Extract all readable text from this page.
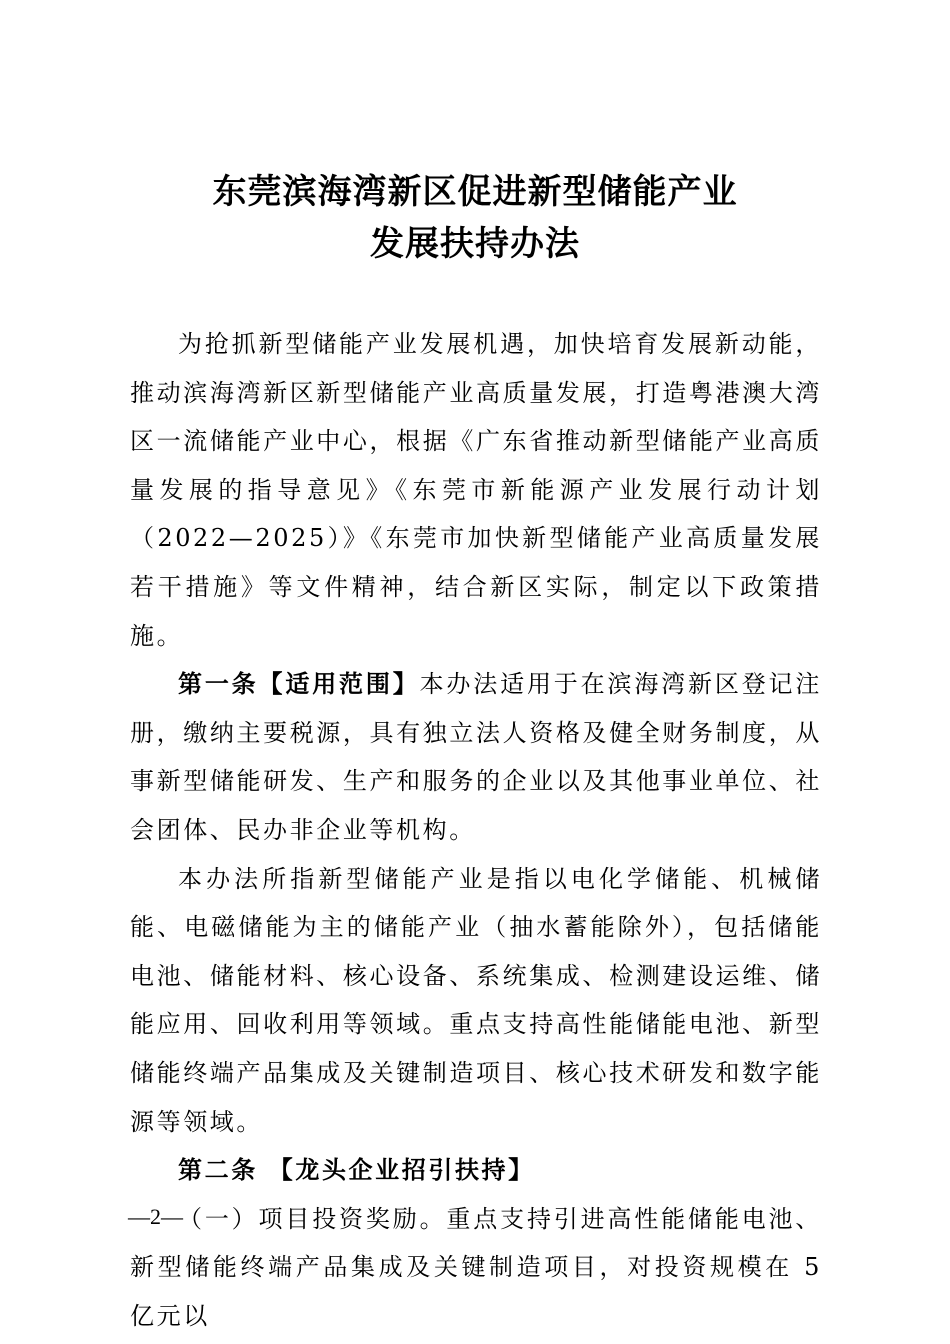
东莞滨海湾新区促进新型储能产业
发展扶持办法

为抢抓新型储能产业发展机遇，加快培育发展新动能，推动滨海湾新区新型储能产业高质量发展，打造粤港澳大湾区一流储能产业中心，根据《广东省推动新型储能产业高质量发展的指导意见》《东莞市新能源产业发展行动计划（2022—2025）》《东莞市加快新型储能产业高质量发展若干措施》等文件精神，结合新区实际，制定以下政策措施。

第一条【适用范围】本办法适用于在滨海湾新区登记注册，缴纳主要税源，具有独立法人资格及健全财务制度，从事新型储能研发、生产和服务的企业以及其他事业单位、社会团体、民办非企业等机构。

本办法所指新型储能产业是指以电化学储能、机械储能、电磁储能为主的储能产业（抽水蓄能除外），包括储能电池、储能材料、核心设备、系统集成、检测建设运维、储能应用、回收利用等领域。重点支持高性能储能电池、新型储能终端产品集成及关键制造项目、核心技术研发和数字能源等领域。

第二条 【龙头企业招引扶持】

（一）项目投资奖励。重点支持引进高性能储能电池、新型储能终端产品集成及关键制造项目，对投资规模在 5 亿元以

—2—
